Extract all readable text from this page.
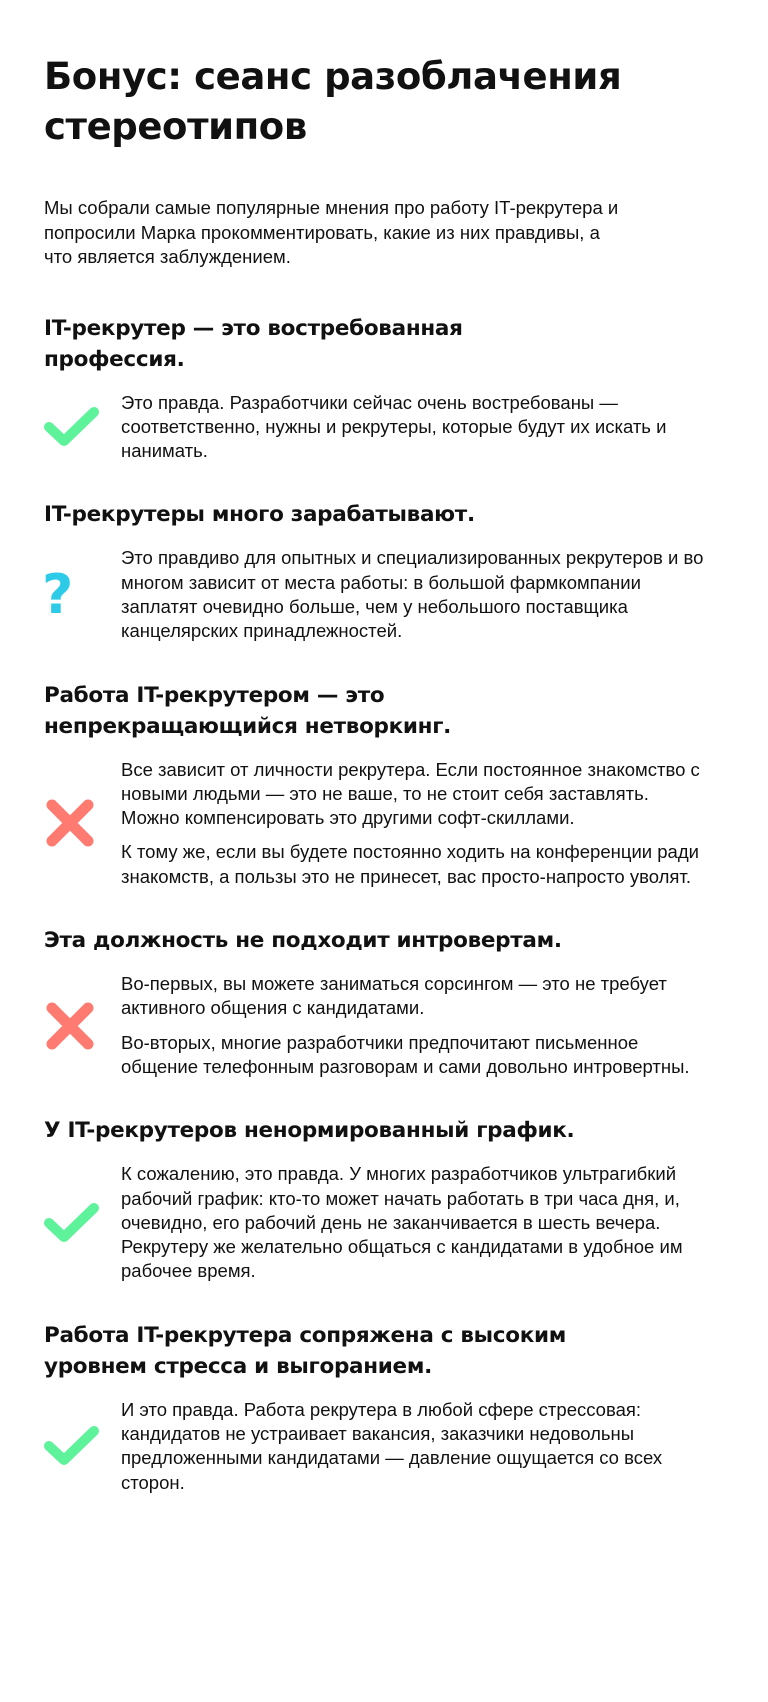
Бонус: сеанс разоблачения стереотипов

Мы собрали самые популярные мнения про работу IT-рекрутера и попросили Марка прокомментировать, какие из них правдивы, а что является заблуждением.

IT-рекрутер — это востребованная профессия.

Это правда. Разработчики сейчас очень востребованы — соответственно, нужны и рекрутеры, которые будут их искать и нанимать.

IT-рекрутеры много зарабатывают.
?

Это правдиво для опытных и специализированных рекрутеров и во многом зависит от места работы: в большой фармкомпании заплатят очевидно больше, чем у небольшого поставщика канцелярских принадлежностей.

Работа IT-рекрутером — это непрекращающийся нетворкинг.

Все зависит от личности рекрутера. Если постоянное знакомство с новыми людьми — это не ваше, то не стоит себя заставлять. Можно компенсировать это другими софт-скиллами.

К тому же, если вы будете постоянно ходить на конференции ради знакомств, а пользы это не принесет, вас просто-напросто уволят.

Эта должность не подходит интровертам.

Во-первых, вы можете заниматься сорсингом — это не требует активного общения с кандидатами.

Во-вторых, многие разработчики предпочитают письменное общение телефонным разговорам и сами довольно интровертны.

У IT-рекрутеров ненормированный график.

К сожалению, это правда. У многих разработчиков ультрагибкий рабочий график: кто-то может начать работать в три часа дня, и, очевидно, его рабочий день не заканчивается в шесть вечера. Рекрутеру же желательно общаться с кандидатами в удобное им рабочее время.

Работа IT-рекрутера сопряжена с высоким уровнем стресса и выгоранием.

И это правда. Работа рекрутера в любой сфере стрессовая: кандидатов не устраивает вакансия, заказчики недовольны предложенными кандидатами — давление ощущается со всех сторон.
